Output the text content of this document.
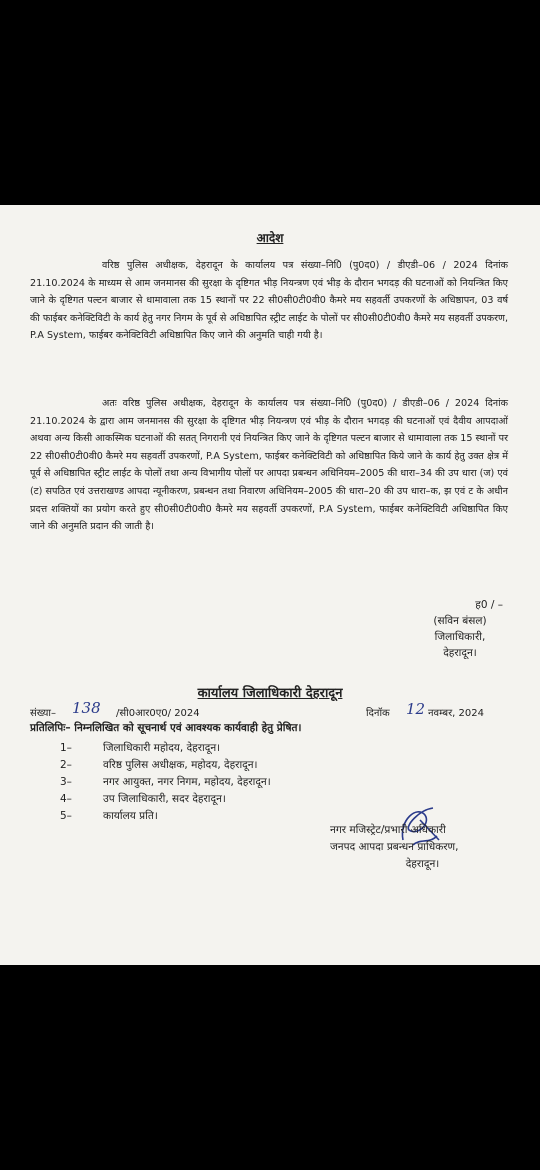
आदेश

वरिष्ठ पुलिस अधीक्षक, देहरादून के कार्यालय पत्र संख्या–नि0ि (पु0द0) / डीएडी–06 / 2024 दिनांक 21.10.2024 के माध्यम से आम जनमानस की सुरक्षा के दृष्टिगत भीड़ नियन्त्रण एवं भीड़ के दौरान भगदड़ की घटनाओं को नियन्त्रित किए जाने के दृष्टिगत पल्टन बाजार से धामावाला तक 15 स्थानों पर 22 सी0सी0टी0वी0 कैमरे मय सहवर्ती उपकरणों के अधिष्ठापन, 03 वर्ष की फाईबर कनेक्टिविटी के कार्य हेतु नगर निगम के पूर्व से अधिष्ठापित स्ट्रीट लाईट के पोलों पर सी0सी0टी0वी0 कैमरे मय सहवर्ती उपकरण, P.A System, फाईबर कनेक्टिविटी अधिष्ठापित किए जाने की अनुमति चाही गयी है।

अतः वरिष्ठ पुलिस अधीक्षक, देहरादून के कार्यालय पत्र संख्या–नि0ि (पु0द0) / डीएडी–06 / 2024 दिनांक 21.10.2024 के द्वारा आम जनमानस की सुरक्षा के दृष्टिगत भीड़ नियन्त्रण एवं भीड़ के दौरान भगदड़ की घटनाओं एवं दैवीय आपदाओं अथवा अन्य किसी आकस्मिक घटनाओं की सतत् निगरानी एवं नियन्त्रित किए जाने के दृष्टिगत पल्टन बाजार से धामावाला तक 15 स्थानों पर 22 सी0सी0टी0वी0 कैमरे मय सहवर्ती उपकरणों, P.A System, फाईबर कनेक्टिविटी को अधिष्ठापित किये जाने के कार्य हेतु उक्त क्षेत्र में पूर्व से अधिष्ठापित स्ट्रीट लाईट के पोलों तथा अन्य विभागीय पोलों पर आपदा प्रबन्धन अधिनियम–2005 की धारा–34 की उप धारा (ज) एवं (ट) सपठित एवं उत्तराखण्ड आपदा न्यूनीकरण, प्रबन्धन तथा निवारण अधिनियम–2005 की धारा–20 की उप धारा–क, झ एवं ट के अधीन प्रदत्त शक्तियों का प्रयोग करते हुए सी0सी0टी0वी0 कैमरे मय सहवर्ती उपकरणों, P.A System, फाईबर कनेक्टिविटी अधिष्ठापित किए जाने की अनुमति प्रदान की जाती है।

ह0 / –
(सविन बंसल)
जिलाधिकारी,
देहरादून।
कार्यालय जिलाधिकारी देहरादून
संख्या– 138 /सी0आर0ए0/ 2024	दिनॉक 12 नवम्बर, 2024
प्रतिलिपिः– निम्नलिखित को सूचनार्थ एवं आवश्यक कार्यवाही हेतु प्रेषित।
1–	जिलाधिकारी महोदय, देहरादून।
2–	वरिष्ठ पुलिस अधीक्षक, महोदय, देहरादून।
3–	नगर आयुक्त, नगर निगम, महोदय, देहरादून।
4–	उप जिलाधिकारी, सदर देहरादून।
5–	कार्यालय प्रति।
नगर मजिस्ट्रेट/प्रभारी अधिकारी
जनपद आपदा प्रबन्धन प्राधिकरण,
देहरादून।
